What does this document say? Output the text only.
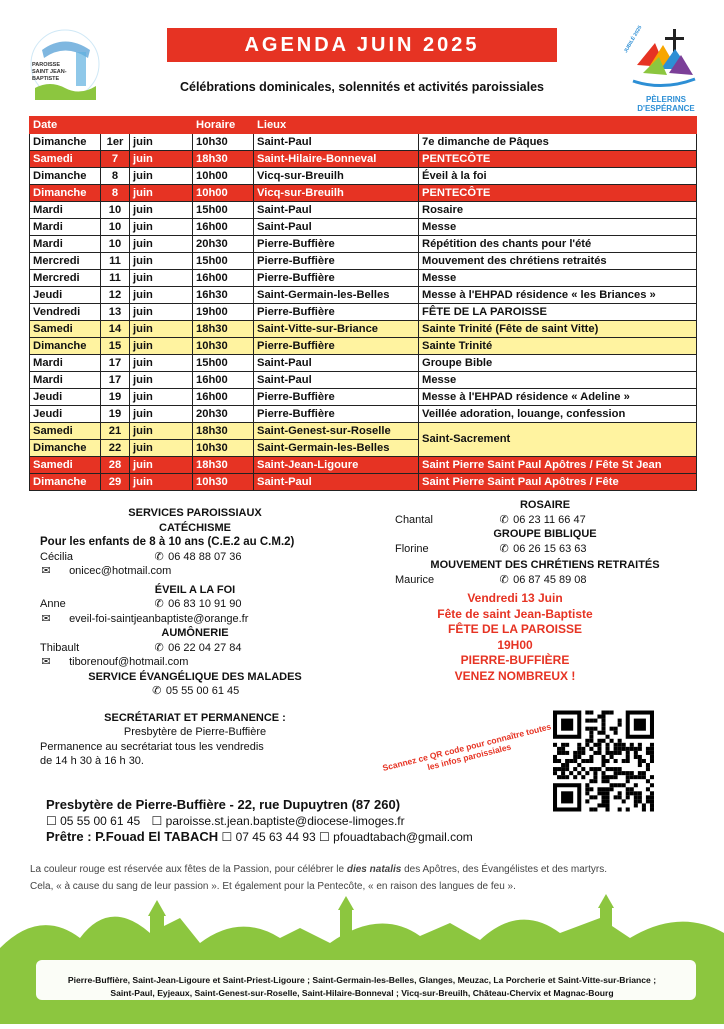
PAROISSE SAINT JEAN-BAPTISTE
AGENDA JUIN 2025
Célébrations dominicales, solennités et activités paroissiales
JUBILÉ 2025
PÈLERINS D'ESPÉRANCE
Date			Horaire	Lieux	
Dimanche	1er	juin	10h30	Saint-Paul	7e dimanche de Pâques
Samedi	7	juin	18h30	Saint-Hilaire-Bonneval	PENTECÔTE
Dimanche	8	juin	10h00	Vicq-sur-Breuilh	Éveil à la foi
Dimanche	8	juin	10h00	Vicq-sur-Breuilh	PENTECÔTE
Mardi	10	juin	15h00	Saint-Paul	Rosaire
Mardi	10	juin	16h00	Saint-Paul	Messe
Mardi	10	juin	20h30	Pierre-Buffière	Répétition des chants pour l'été
Mercredi	11	juin	15h00	Pierre-Buffière	Mouvement des chrétiens retraités
Mercredi	11	juin	16h00	Pierre-Buffière	Messe
Jeudi	12	juin	16h30	Saint-Germain-les-Belles	Messe à l'EHPAD résidence « les Briances »
Vendredi	13	juin	19h00	Pierre-Buffière	FÊTE DE LA PAROISSE
Samedi	14	juin	18h30	Saint-Vitte-sur-Briance	Sainte Trinité (Fête de saint Vitte)
Dimanche	15	juin	10h30	Pierre-Buffière	Sainte Trinité
Mardi	17	juin	15h00	Saint-Paul	Groupe Bible
Mardi	17	juin	16h00	Saint-Paul	Messe
Jeudi	19	juin	16h00	Pierre-Buffière	Messe à l'EHPAD résidence « Adeline »
Jeudi	19	juin	20h30	Pierre-Buffière	Veillée adoration, louange, confession
Samedi	21	juin	18h30	Saint-Genest-sur-Roselle	Saint-Sacrement
Dimanche	22	juin	10h30	Saint-Germain-les-Belles	
Samedi	28	juin	18h30	Saint-Jean-Ligoure	Saint Pierre Saint Paul Apôtres / Fête St Jean
Dimanche	29	juin	10h30	Saint-Paul	Saint Pierre Saint Paul Apôtres / Fête
SERVICES PAROISSIAUX
CATÉCHISME
Pour les enfants de 8 à 10 ans (C.E.2 au C.M.2)
Cécilia	✆ 06 48 88 07 36
✉ onicec@hotmail.com
ÉVEIL A LA FOI
Anne	✆ 06 83 10 91 90
✉ eveil-foi-saintjeanbaptiste@orange.fr
AUMÔNERIE
Thibault	✆ 06 22 04 27 84
✉ tiborenouf@hotmail.com
SERVICE ÉVANGÉLIQUE DES MALADES
✆ 05 55 00 61 45
SECRÉTARIAT ET PERMANENCE :
Presbytère de Pierre-Buffière
Permanence au secrétariat tous les vendredis
de 14 h 30 à 16 h 30.
ROSAIRE
Chantal	✆ 06 23 11 66 47
GROUPE BIBLIQUE
Florine	✆ 06 26 15 63 63
MOUVEMENT DES CHRÉTIENS RETRAITÉS
Maurice	✆ 06 87 45 89 08
Vendredi 13 Juin
Fête de saint Jean-Baptiste
FÊTE DE LA PAROISSE
19H00
PIERRE-BUFFIÈRE
VENEZ NOMBREUX !
Scannez ce QR code pour connaître toutes les infos paroissiales
Presbytère de Pierre-Buffière - 22, rue Dupuytren (87 260)
☐ 05 55 00 61 45 ☐ paroisse.st.jean.baptiste@diocese-limoges.fr
Prêtre : P.Fouad El TABACH ☐ 07 45 63 44 93 ☐ pfouadtabach@gmail.com
La couleur rouge est réservée aux fêtes de la Passion, pour célébrer le dies natalis des Apôtres, des Évangélistes et des martyrs.
Cela, « à cause du sang de leur passion ». Et également pour la Pentecôte, « en raison des langues de feu ».
Pierre-Buffière, Saint-Jean-Ligoure et Saint-Priest-Ligoure ; Saint-Germain-les-Belles, Glanges, Meuzac, La Porcherie et Saint-Vitte-sur-Briance ;
Saint-Paul, Eyjeaux, Saint-Genest-sur-Roselle, Saint-Hilaire-Bonneval ; Vicq-sur-Breuilh, Château-Chervix et Magnac-Bourg
